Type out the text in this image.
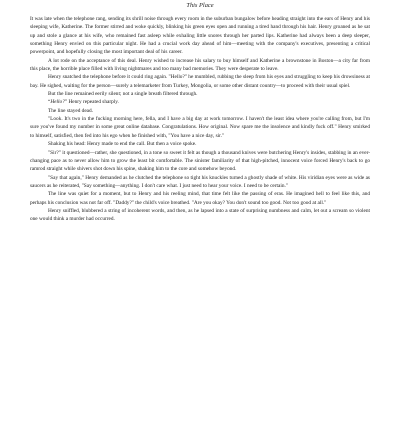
This Place

It was late when the telephone rang, sending its shrill noise through every room in the suburban bungalow before heading straight into the ears of Henry and his sleeping wife, Katherine. The former stirred and woke quickly, blinking his green eyes open and running a tired hand through his hair. Henry groaned as he sat up and stole a glance at his wife, who remained fast asleep while exhaling little snores through her parted lips. Katherine had always been a deep sleeper, something Henry envied on this particular night. He had a crucial work day ahead of him—meeting with the company's executives, presenting a critical powerpoint, and hopefully closing the most important deal of his career.

A lot rode on the acceptance of this deal. Henry wished to increase his salary to buy himself and Katherine a brownstone in Boston—a city far from this place, the horrible place filled with living nightmares and too many bad memories. They were desperate to leave.

Henry snatched the telephone before it could ring again. "Hello?" he mumbled, rubbing the sleep from his eyes and struggling to keep his drowsiness at bay. He sighed, waiting for the person—surely a telemarketer from Turkey, Mongolia, or some other distant country—to proceed with their usual spiel.

But the line remained eerily silent; not a single breath filtered through.

“Hello?” Henry repeated sharply.

The line stayed dead.

"Look. It's two in the fucking morning here, fella, and I have a big day at work tomorrow. I haven't the least idea where you're calling from, but I'm sure you've found my number in some great online database. Congratulations. How original. Now spare me the insolence and kindly fuck off." Henry smirked to himself, satisfied, then fed into his ego when he finished with, "You have a nice day, sir."

Shaking his head: Henry made to end the call. But then a voice spoke.

"Sir?" it questioned—rather, she questioned, in a tone so sweet it felt as though a thousand knives were butchering Henry's insides, stabbing in an ever-changing pace as to never allow him to grow the least bit comfortable. The sinister familiarity of that high-pitched, innocent voice forced Henry's back to go ramrod straight while shivers shot down his spine, shaking him to the core and somehow beyond.

"Say that again," Henry demanded as he clutched the telephone so tight his knuckles turned a ghostly shade of white. His viridian eyes were as wide as saucers as he reiterated, "Say something—anything. I don't care what. I just need to hear your voice. I need to be certain."

The line was quiet for a moment, but to Henry and his reeling mind, that time felt like the passing of eras. He imagined hell to feel like this, and perhaps his conclusion was not far off. "Daddy?" the child's voice breathed. "Are you okay? You don't sound too good. Not too good at all."

Henry sniffled, blubbered a string of incoherent words, and then, as he lapsed into a state of surprising numbness and calm, let out a scream so violent one would think a murder had occurred.
